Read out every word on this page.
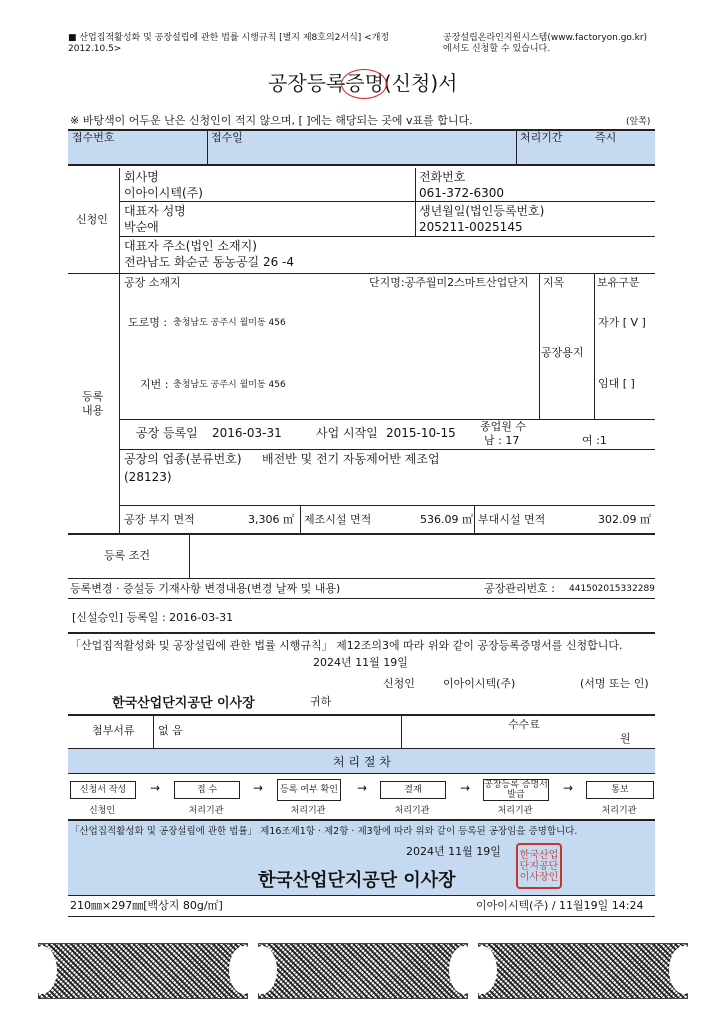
■ 산업집적활성화 및 공장설립에 관한 법률 시행규칙 [별지 제8호의2서식] <개정
2012.10.5>
공장설립온라인지원시스템(www.factoryon.go.kr)
에서도 신청할 수 있습니다.
공장등록증명
(신청)서
※ 바탕색이 어두운 난은 신청인이 적지 않으며, [ ]에는 해당되는 곳에 v표를 합니다.	(앞쪽)
접수번호	접수일	처리기간	즉시
신청인
회사명
이아이시텍(주)
전화번호
061-372-6300
대표자 성명
박순애
생년월일(법인등록번호)
205211-0025145
대표자 주소(법인 소재지)
전라남도 화순군 동농공길 26 -4
등록
내용
공장 소재지	단지명:공주월미2스마트산업단지 지목
공장용지
보유구분
자가 [ V ]
임대 [ ]
도로명 : 충청남도 공주시 월미동 456
지번 : 충청남도 공주시 월미동 456
공장 등록일 2016-03-31	사업 시작일 2015-10-15 종업원 수
남 : 17	여 :1
공장의 업종(분류번호) 배전반 및 전기 자동제어반 제조업
(28123)
공장 부지 면적	3,306 ㎡ 제조시설 면적	536.09 ㎡ 부대시설 면적	302.09 ㎡
등록 조건
등록변경 · 증설등 기재사항 변경내용(변경 날짜 및 내용)	공장관리번호 : 441502015332289
[신설승인] 등록일 : 2016-03-31
「산업집적활성화 및 공장설립에 관한 법률 시행규칙」 제12조의3에 따라 위와 같이 공장등록증명서를 신청합니다.
2024년 11월 19일
신청인	이아이시텍(주)	(서명 또는 인)
한국산업단지공단 이사장	귀하
첨부서류 없 음	수수료
원
처 리 절 차
신청서 작성	접 수	등록 여부 확인	결재	공장등록 증명서발급	통보
→	→	→	→	→
신청인	처리기관	처리기관	처리기관	처리기관	처리기관
「산업집적활성화 및 공장설립에 관한 법률」 제16조제1항 · 제2항 · 제3항에 따라 위와 같이 등록된 공장임을 증명합니다.
2024년 11월 19일
한국산업단지공단 이사장
한국산업단지공단이사장인
210㎜×297㎜[백상지 80g/㎡]	이아이시텍(주) / 11월19일 14:24
